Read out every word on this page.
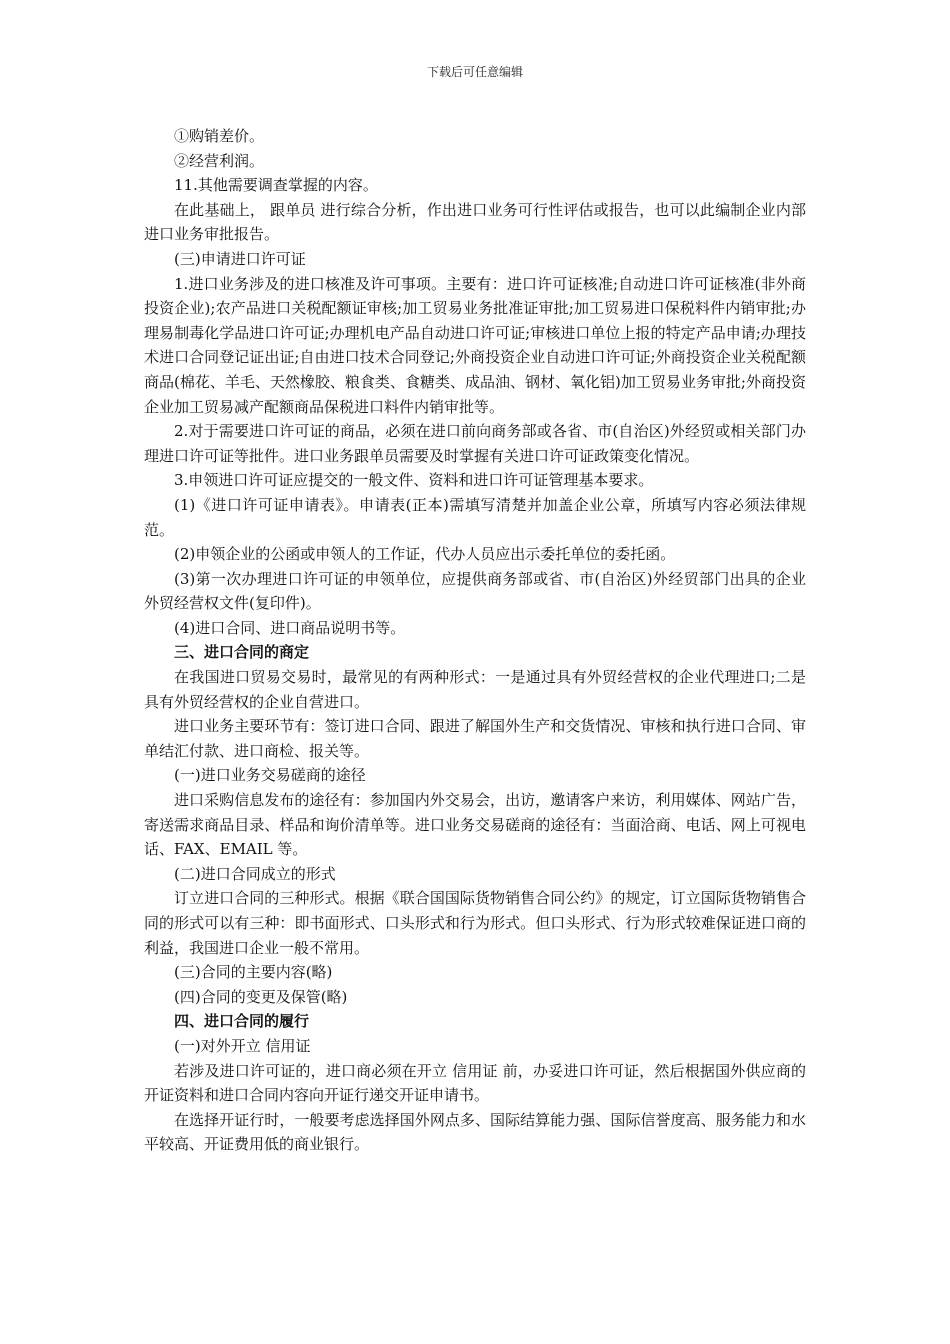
下载后可任意编辑

①购销差价。

②经营利润。

11.其他需要调查掌握的内容。

在此基础上， 跟单员 进行综合分析，作出进口业务可行性评估或报告，也可以此编制企业内部进口业务审批报告。

(三)申请进口许可证

1.进口业务涉及的进口核准及许可事项。主要有：进口许可证核准;自动进口许可证核准(非外商投资企业);农产品进口关税配额证审核;加工贸易业务批准证审批;加工贸易进口保税料件内销审批;办理易制毒化学品进口许可证;办理机电产品自动进口许可证;审核进口单位上报的特定产品申请;办理技术进口合同登记证出证;自由进口技术合同登记;外商投资企业自动进口许可证;外商投资企业关税配额商品(棉花、羊毛、天然橡胶、粮食类、食糖类、成品油、钢材、氧化铝)加工贸易业务审批;外商投资企业加工贸易减产配额商品保税进口料件内销审批等。

2.对于需要进口许可证的商品，必须在进口前向商务部或各省、市(自治区)外经贸或相关部门办理进口许可证等批件。进口业务跟单员需要及时掌握有关进口许可证政策变化情况。

3.申领进口许可证应提交的一般文件、资料和进口许可证管理基本要求。

(1)《进口许可证申请表》。申请表(正本)需填写清楚并加盖企业公章，所填写内容必须法律规范。

(2)申领企业的公函或申领人的工作证，代办人员应出示委托单位的委托函。

(3)第一次办理进口许可证的申领单位，应提供商务部或省、市(自治区)外经贸部门出具的企业外贸经营权文件(复印件)。

(4)进口合同、进口商品说明书等。

三、进口合同的商定

在我国进口贸易交易时，最常见的有两种形式：一是通过具有外贸经营权的企业代理进口;二是具有外贸经营权的企业自营进口。

进口业务主要环节有：签订进口合同、跟进了解国外生产和交货情况、审核和执行进口合同、审单结汇付款、进口商检、报关等。

(一)进口业务交易磋商的途径

进口采购信息发布的途径有：参加国内外交易会，出访，邀请客户来访，利用媒体、网站广告，寄送需求商品目录、样品和询价清单等。进口业务交易磋商的途径有：当面洽商、电话、网上可视电话、FAX、EMAIL 等。

(二)进口合同成立的形式

订立进口合同的三种形式。根据《联合国国际货物销售合同公约》的规定，订立国际货物销售合同的形式可以有三种：即书面形式、口头形式和行为形式。但口头形式、行为形式较难保证进口商的利益，我国进口企业一般不常用。

(三)合同的主要内容(略)

(四)合同的变更及保管(略)

四、进口合同的履行

(一)对外开立 信用证

若涉及进口许可证的，进口商必须在开立 信用证 前，办妥进口许可证，然后根据国外供应商的开证资料和进口合同内容向开证行递交开证申请书。

在选择开证行时，一般要考虑选择国外网点多、国际结算能力强、国际信誉度高、服务能力和水平较高、开证费用低的商业银行。
